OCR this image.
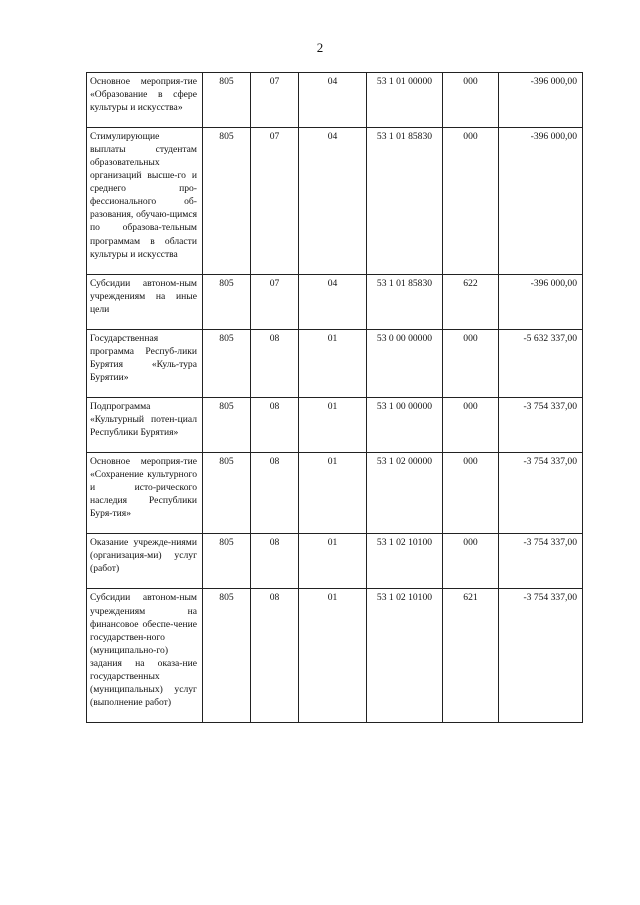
2
Основное мероприя-тие «Образование в сфере культуры и искусства»	805	07	04	53 1 01 00000	000	-396 000,00
Стимулирующие выплаты студентам образовательных организаций высше-го и среднего про-фессионального об-разования, обучаю-щимся по образова-тельным программам в области культуры и искусства	805	07	04	53 1 01 85830	000	-396 000,00
Субсидии автоном-ным учреждениям на иные цели	805	07	04	53 1 01 85830	622	-396 000,00
Государственная программа Респуб-лики Бурятия «Куль-тура Бурятии»	805	08	01	53 0 00 00000	000	-5 632 337,00
Подпрограмма «Культурный потен-циал Республики Бурятия»	805	08	01	53 1 00 00000	000	-3 754 337,00
Основное мероприя-тие «Сохранение культурного и исто-рического наследия Республики Буря-тия»	805	08	01	53 1 02 00000	000	-3 754 337,00
Оказание учрежде-ниями (организация-ми) услуг (работ)	805	08	01	53 1 02 10100	000	-3 754 337,00
Субсидии автоном-ным учреждениям на финансовое обеспе-чение государствен-ного (муниципально-го) задания на оказа-ние государственных (муниципальных) услуг (выполнение работ)	805	08	01	53 1 02 10100	621	-3 754 337,00
